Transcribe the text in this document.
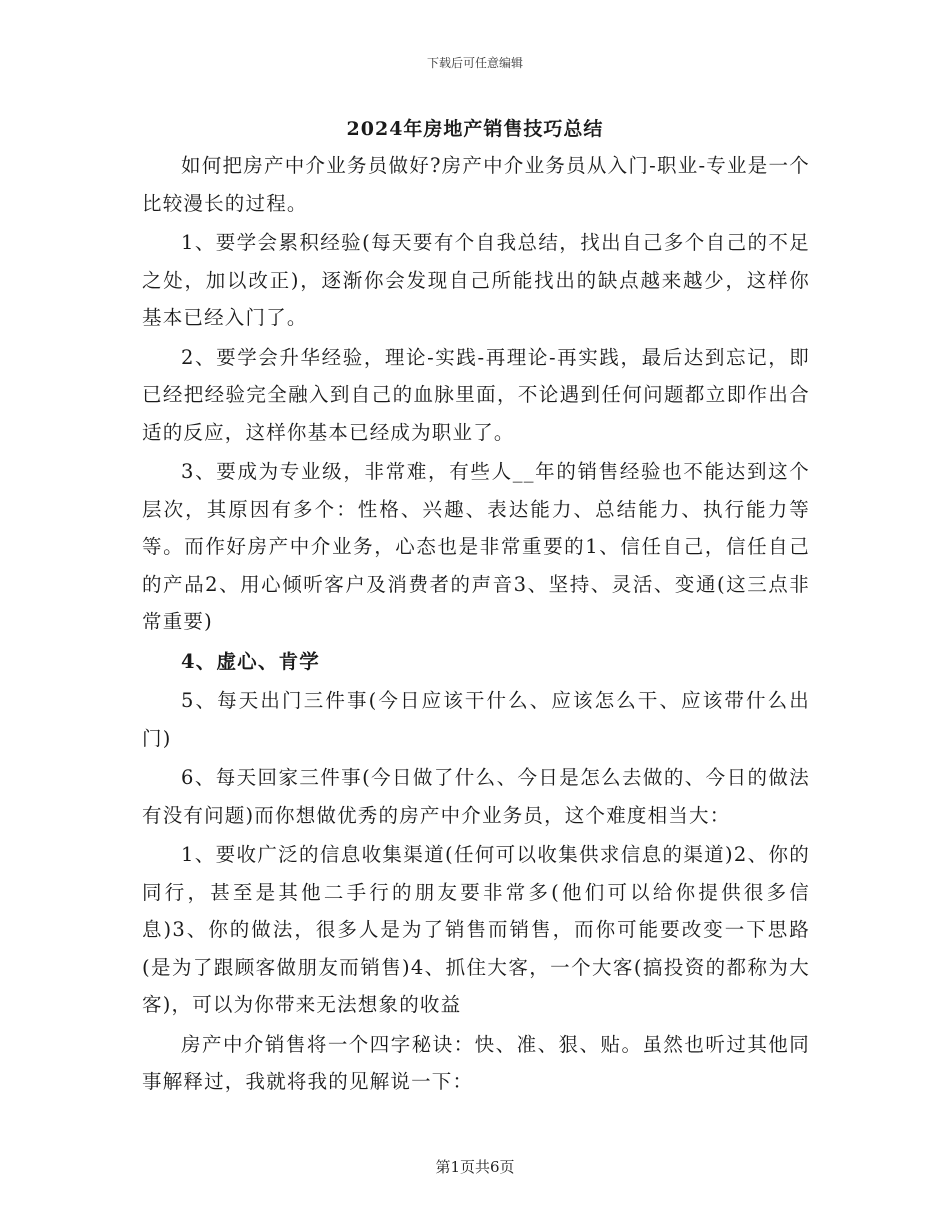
下载后可任意编辑
2024年房地产销售技巧总结

如何把房产中介业务员做好?房产中介业务员从入门-职业-专业是一个比较漫长的过程。

1、要学会累积经验(每天要有个自我总结，找出自己多个自己的不足之处，加以改正)，逐渐你会发现自己所能找出的缺点越来越少，这样你基本已经入门了。

2、要学会升华经验，理论-实践-再理论-再实践，最后达到忘记，即已经把经验完全融入到自己的血脉里面，不论遇到任何问题都立即作出合适的反应，这样你基本已经成为职业了。

3、要成为专业级，非常难，有些人__年的销售经验也不能达到这个层次，其原因有多个：性格、兴趣、表达能力、总结能力、执行能力等等。而作好房产中介业务，心态也是非常重要的1、信任自己，信任自己的产品2、用心倾听客户及消费者的声音3、坚持、灵活、变通(这三点非常重要)

4、虚心、肯学

5、每天出门三件事(今日应该干什么、应该怎么干、应该带什么出门)

6、每天回家三件事(今日做了什么、今日是怎么去做的、今日的做法有没有问题)而你想做优秀的房产中介业务员，这个难度相当大：

1、要收广泛的信息收集渠道(任何可以收集供求信息的渠道)2、你的同行，甚至是其他二手行的朋友要非常多(他们可以给你提供很多信息)3、你的做法，很多人是为了销售而销售，而你可能要改变一下思路(是为了跟顾客做朋友而销售)4、抓住大客，一个大客(搞投资的都称为大客)，可以为你带来无法想象的收益

房产中介销售将一个四字秘诀：快、准、狠、贴。虽然也听过其他同事解释过，我就将我的见解说一下：

第1页共6页
